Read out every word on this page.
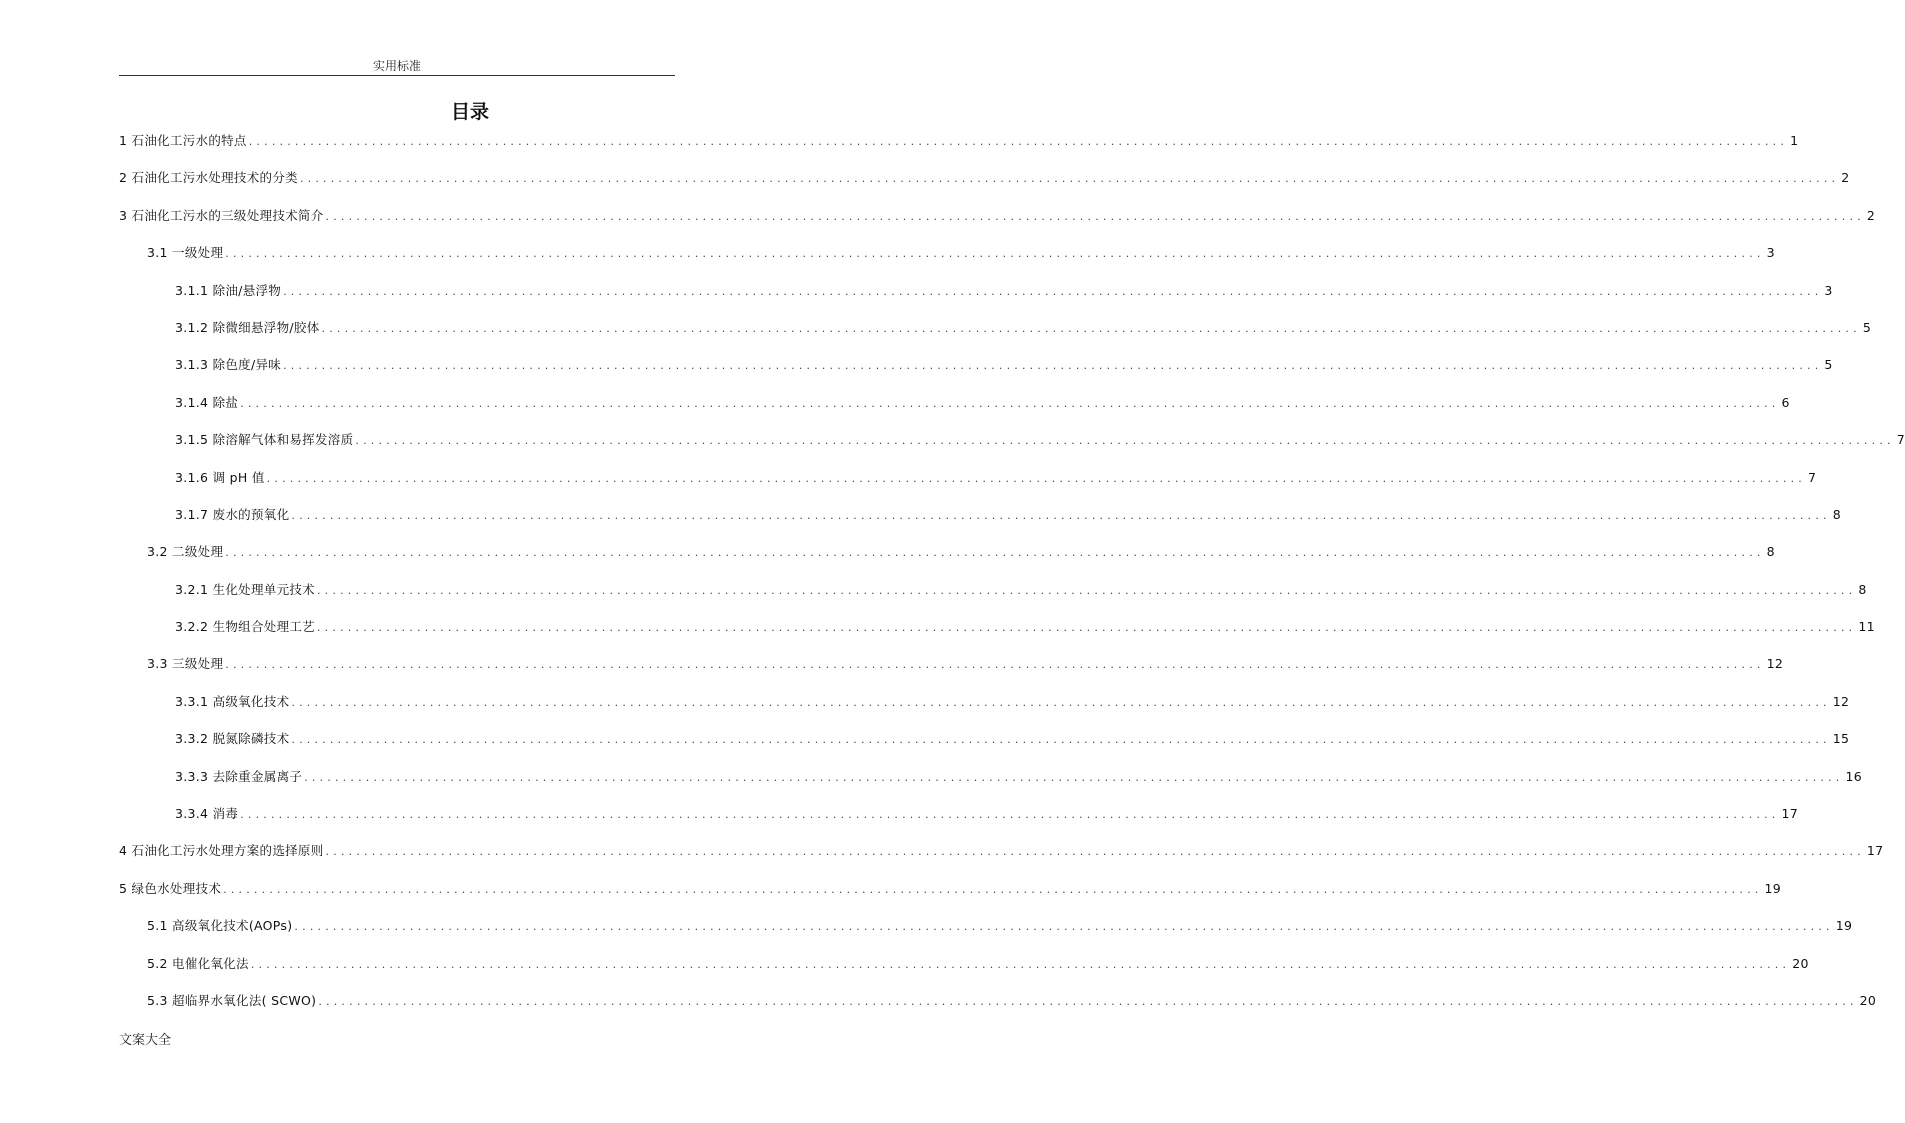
实用标准
目录
1 石油化工污水的特点 ........................................................................................................................................................................................................ 1
2 石油化工污水处理技术的分类 ........................................................................................................................................................................................................ 2
3 石油化工污水的三级处理技术简介 ........................................................................................................................................................................................................ 2
3.1 一级处理 ........................................................................................................................................................................................................ 3
3.1.1 除油/悬浮物 ........................................................................................................................................................................................................ 3
3.1.2 除微细悬浮物/胶体 ........................................................................................................................................................................................................ 5
3.1.3 除色度/异味 ........................................................................................................................................................................................................ 5
3.1.4 除盐 ........................................................................................................................................................................................................ 6
3.1.5 除溶解气体和易挥发溶质 ........................................................................................................................................................................................................ 7
3.1.6 调 pH 值 ........................................................................................................................................................................................................ 7
3.1.7 废水的预氧化 ........................................................................................................................................................................................................ 8
3.2 二级处理 ........................................................................................................................................................................................................ 8
3.2.1 生化处理单元技术 ........................................................................................................................................................................................................ 8
3.2.2 生物组合处理工艺 ........................................................................................................................................................................................................ 11
3.3 三级处理 ........................................................................................................................................................................................................ 12
3.3.1 高级氧化技术 ........................................................................................................................................................................................................ 12
3.3.2 脱氮除磷技术 ........................................................................................................................................................................................................ 15
3.3.3 去除重金属离子 ........................................................................................................................................................................................................ 16
3.3.4 消毒 ........................................................................................................................................................................................................ 17
4 石油化工污水处理方案的选择原则 ........................................................................................................................................................................................................ 17
5 绿色水处理技术 ........................................................................................................................................................................................................ 19
5.1 高级氧化技术(AOPs) ........................................................................................................................................................................................................ 19
5.2 电催化氧化法 ........................................................................................................................................................................................................ 20
5.3 超临界水氧化法( SCWO) ........................................................................................................................................................................................................ 20
文案大全
